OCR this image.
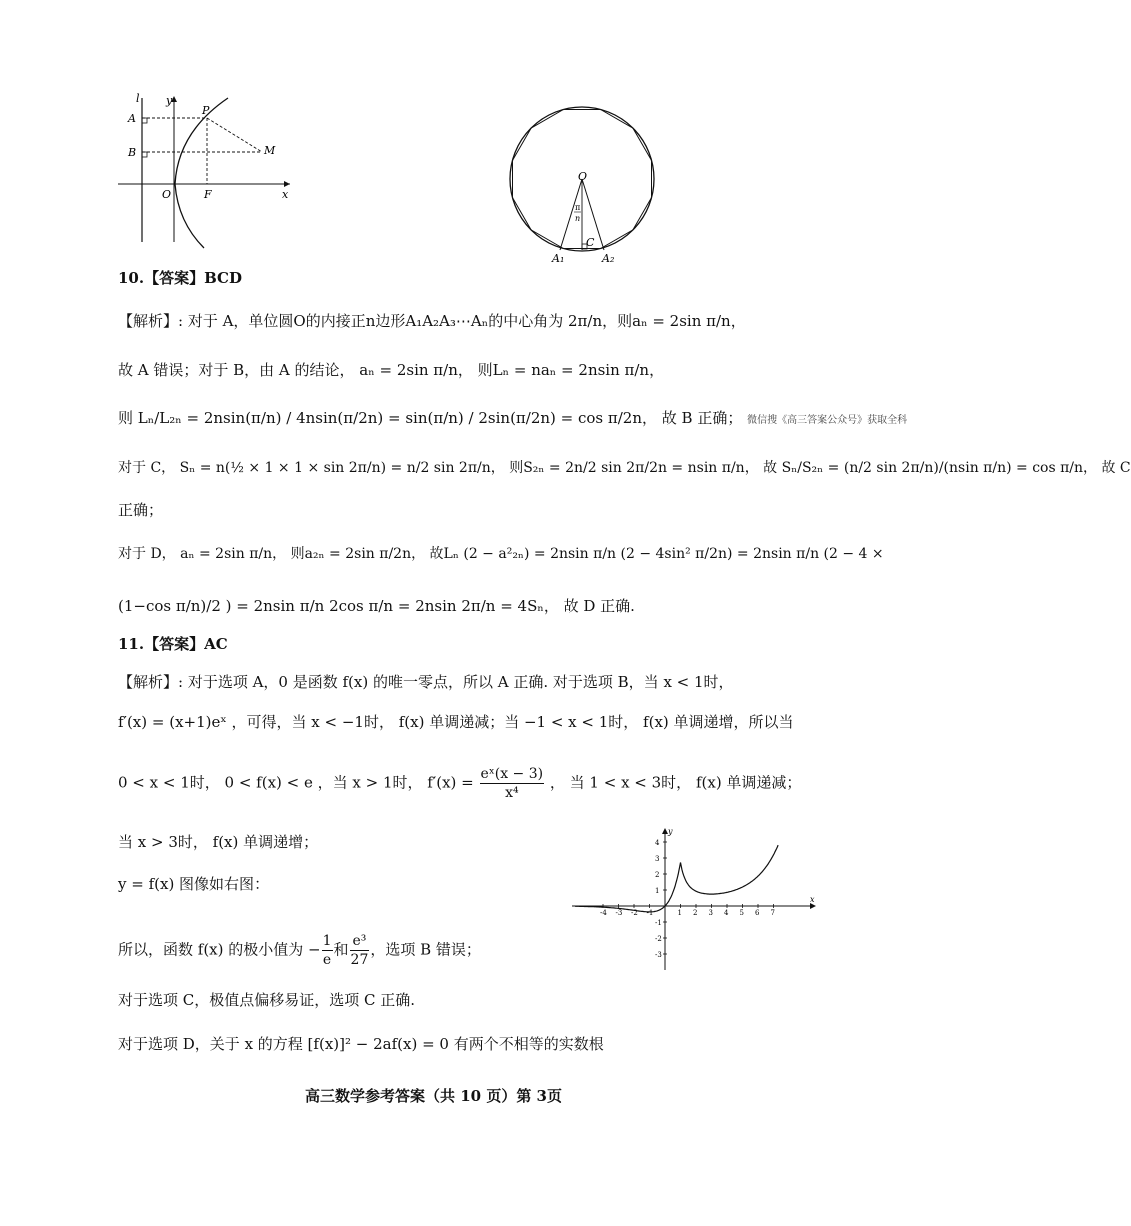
l y
P
A
B	M
O	F	x
O
π
n
C
A₁	A₂
10.【答案】BCD
【解析】: 对于 A，单位圆O的内接正n边形A₁A₂A₃⋯Aₙ的中心角为 2π/n，则aₙ = 2sin π/n，
故 A 错误；对于 B，由 A 的结论， aₙ = 2sin π/n， 则Lₙ = naₙ = 2nsin π/n，
则 Lₙ/L₂ₙ = 2nsin(π/n) / 4nsin(π/2n) = sin(π/n) / 2sin(π/2n) = cos π/2n， 故 B 正确； 微信搜《高三答案公众号》获取全科
对于 C， Sₙ = n(½ × 1 × 1 × sin 2π/n) = n/2 sin 2π/n， 则S₂ₙ = 2n/2 sin 2π/2n = nsin π/n， 故 Sₙ/S₂ₙ = (n/2 sin 2π/n)/(nsin π/n) = cos π/n， 故 C
正确；
对于 D， aₙ = 2sin π/n， 则a₂ₙ = 2sin π/2n， 故Lₙ (2 − a²₂ₙ) = 2nsin π/n (2 − 4sin² π/2n) = 2nsin π/n (2 − 4 ×
(1−cos π/n)/2 ) = 2nsin π/n 2cos π/n = 2nsin 2π/n = 4Sₙ， 故 D 正确.
11.【答案】AC
【解析】: 对于选项 A，0 是函数 f(x) 的唯一零点，所以 A 正确. 对于选项 B，当 x < 1时，
f′(x) = (x+1)eˣ ，可得，当 x < −1时， f(x) 单调递减；当 −1 < x < 1时， f(x) 单调递增，所以当
0 < x < 1时， 0 < f(x) < e ，当 x > 1时， $f'(x) = \frac{\text{eˣ(x − 3)}}{\text{x⁴}}$ ， 当 1 < x < 3时， f(x) 单调递减；
当 x > 3时， f(x) 单调递增；
y = f(x) 图像如右图：
所以，函数 f(x) 的极小值为 − $\frac{1}{e}$ 和 $\frac{\text{e³}}{27}$ ，选项 B 错误；
对于选项 C，极值点偏移易证，选项 C 正确.
对于选项 D，关于 x 的方程 [f(x)]² − 2af(x) = 0 有两个不相等的实数根
x
y
-4 -3 -2 -1	1 2 3 4 5 6 7
4
3
2
1
-1
-2
-3
高三数学参考答案（共 10 页）第 3页
